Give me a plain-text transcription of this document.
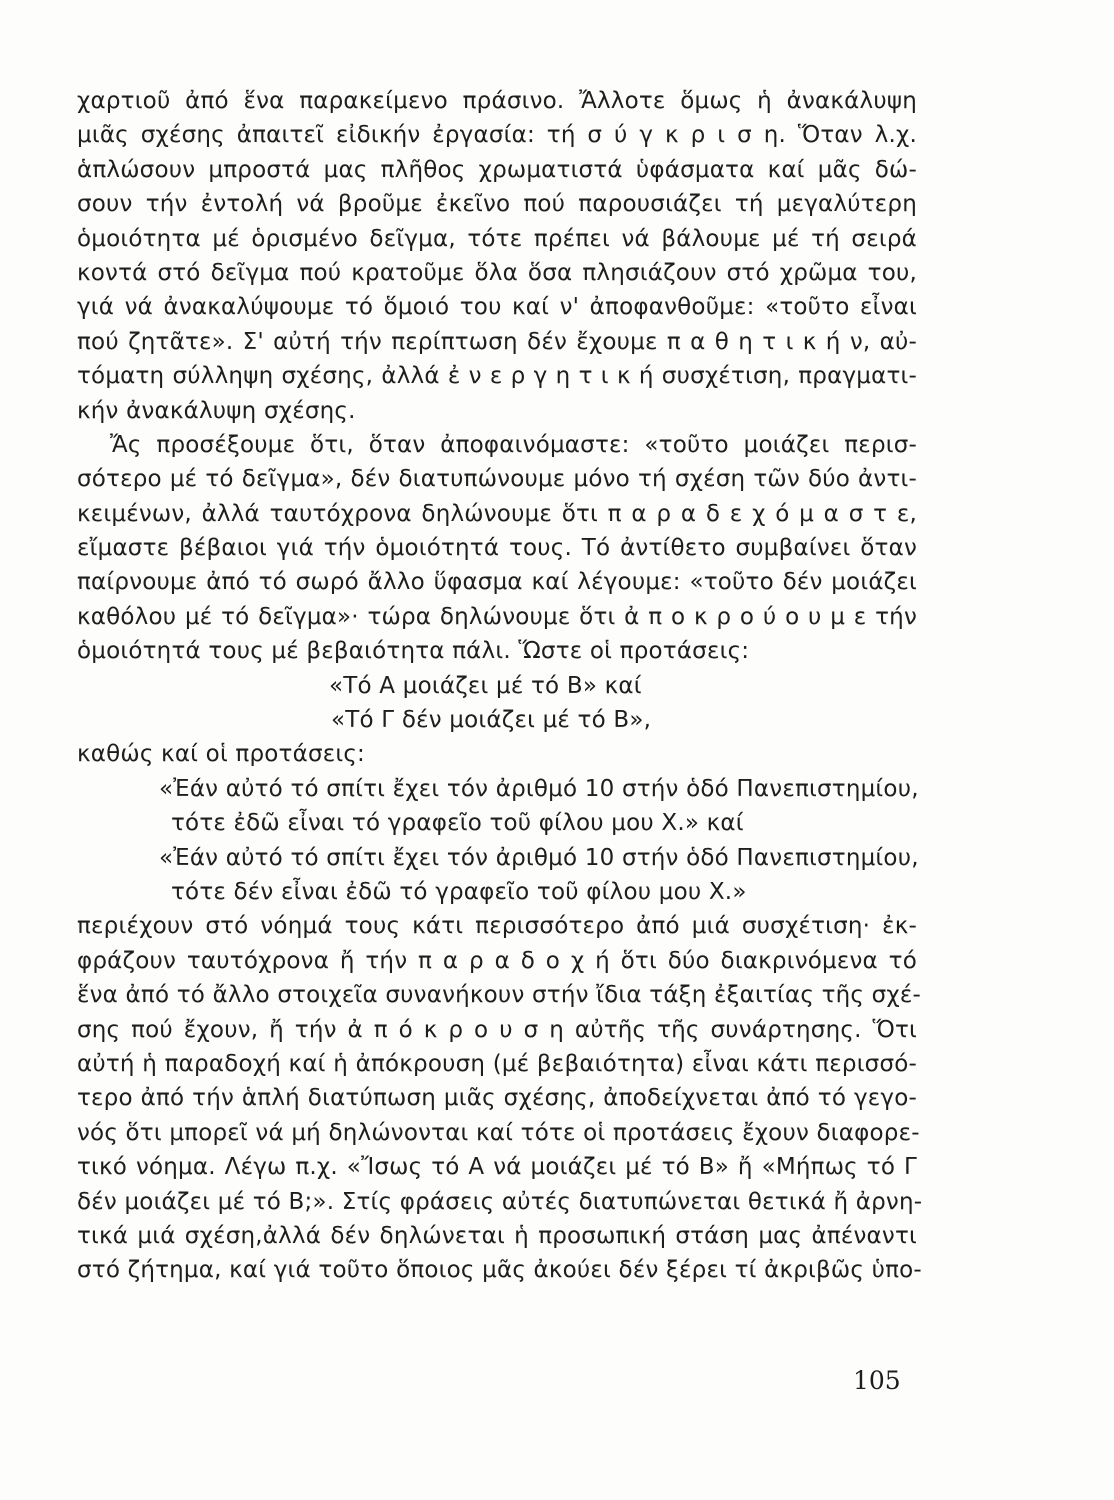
χαρτιοῦ ἀπό ἕνα παρακείμενο πράσινο. Ἄλλοτε ὅμως ἡ ἀνακάλυψη
μιᾶς σχέσης ἀπαιτεῖ εἰδικήν ἐργασία: τή σ ύ γ κ ρ ι σ η. Ὅταν λ.χ.
ἁπλώσουν μπροστά μας πλῆθος χρωματιστά ὑφάσματα καί μᾶς δώ-
σουν τήν ἐντολή νά βροῦμε ἐκεῖνο πού παρουσιάζει τή μεγαλύτερη
ὁμοιότητα μέ ὁρισμένο δεῖγμα, τότε πρέπει νά βάλουμε μέ τή σειρά
κοντά στό δεῖγμα πού κρατοῦμε ὅλα ὅσα πλησιάζουν στό χρῶμα του,
γιά νά ἀνακαλύψουμε τό ὅμοιό του καί ν' ἀποφανθοῦμε: «τοῦτο εἶναι
πού ζητᾶτε». Σ' αὐτή τήν περίπτωση δέν ἔχουμε π α θ η τ ι κ ή ν, αὐ-
τόματη σύλληψη σχέσης, ἀλλά ἐ ν ε ρ γ η τ ι κ ή συσχέτιση, πραγματι-
κήν ἀνακάλυψη σχέσης.
Ἄς προσέξουμε ὅτι, ὅταν ἀποφαινόμαστε: «τοῦτο μοιάζει περισ-
σότερο μέ τό δεῖγμα», δέν διατυπώνουμε μόνο τή σχέση τῶν δύο ἀντι-
κειμένων, ἀλλά ταυτόχρονα δηλώνουμε ὅτι π α ρ α δ ε χ ό μ α σ τ ε,
εἴμαστε βέβαιοι γιά τήν ὁμοιότητά τους. Τό ἀντίθετο συμβαίνει ὅταν
παίρνουμε ἀπό τό σωρό ἄλλο ὕφασμα καί λέγουμε: «τοῦτο δέν μοιάζει
καθόλου μέ τό δεῖγμα»· τώρα δηλώνουμε ὅτι ἀ π ο κ ρ ο ύ ο υ μ ε τήν
ὁμοιότητά τους μέ βεβαιότητα πάλι. Ὥστε οἱ προτάσεις:
«Τό Α μοιάζει μέ τό Β» καί
«Τό Γ δέν μοιάζει μέ τό Β»,
καθώς καί οἱ προτάσεις:
«Ἐάν αὐτό τό σπίτι ἔχει τόν ἀριθμό 10 στήν ὁδό Πανεπιστημίου,
τότε ἐδῶ εἶναι τό γραφεῖο τοῦ φίλου μου Χ.» καί
«Ἐάν αὐτό τό σπίτι ἔχει τόν ἀριθμό 10 στήν ὁδό Πανεπιστημίου,
τότε δέν εἶναι ἐδῶ τό γραφεῖο τοῦ φίλου μου Χ.»
περιέχουν στό νόημά τους κάτι περισσότερο ἀπό μιά συσχέτιση· ἐκ-
φράζουν ταυτόχρονα ἤ τήν π α ρ α δ ο χ ή ὅτι δύο διακρινόμενα τό
ἕνα ἀπό τό ἄλλο στοιχεῖα συνανήκουν στήν ἴδια τάξη ἐξαιτίας τῆς σχέ-
σης πού ἔχουν, ἤ τήν ἀ π ό κ ρ ο υ σ η αὐτῆς τῆς συνάρτησης. Ὅτι
αὐτή ἡ παραδοχή καί ἡ ἀπόκρουση (μέ βεβαιότητα) εἶναι κάτι περισσό-
τερο ἀπό τήν ἁπλή διατύπωση μιᾶς σχέσης, ἀποδείχνεται ἀπό τό γεγο-
νός ὅτι μπορεῖ νά μή δηλώνονται καί τότε οἱ προτάσεις ἔχουν διαφορε-
τικό νόημα. Λέγω π.χ. «Ἴσως τό Α νά μοιάζει μέ τό Β» ἤ «Μήπως τό Γ
δέν μοιάζει μέ τό Β;». Στίς φράσεις αὐτές διατυπώνεται θετικά ἤ ἀρνη-
τικά μιά σχέση,ἀλλά δέν δηλώνεται ἡ προσωπική στάση μας ἀπέναντι
στό ζήτημα, καί γιά τοῦτο ὅποιος μᾶς ἀκούει δέν ξέρει τί ἀκριβῶς ὑπο-
105
